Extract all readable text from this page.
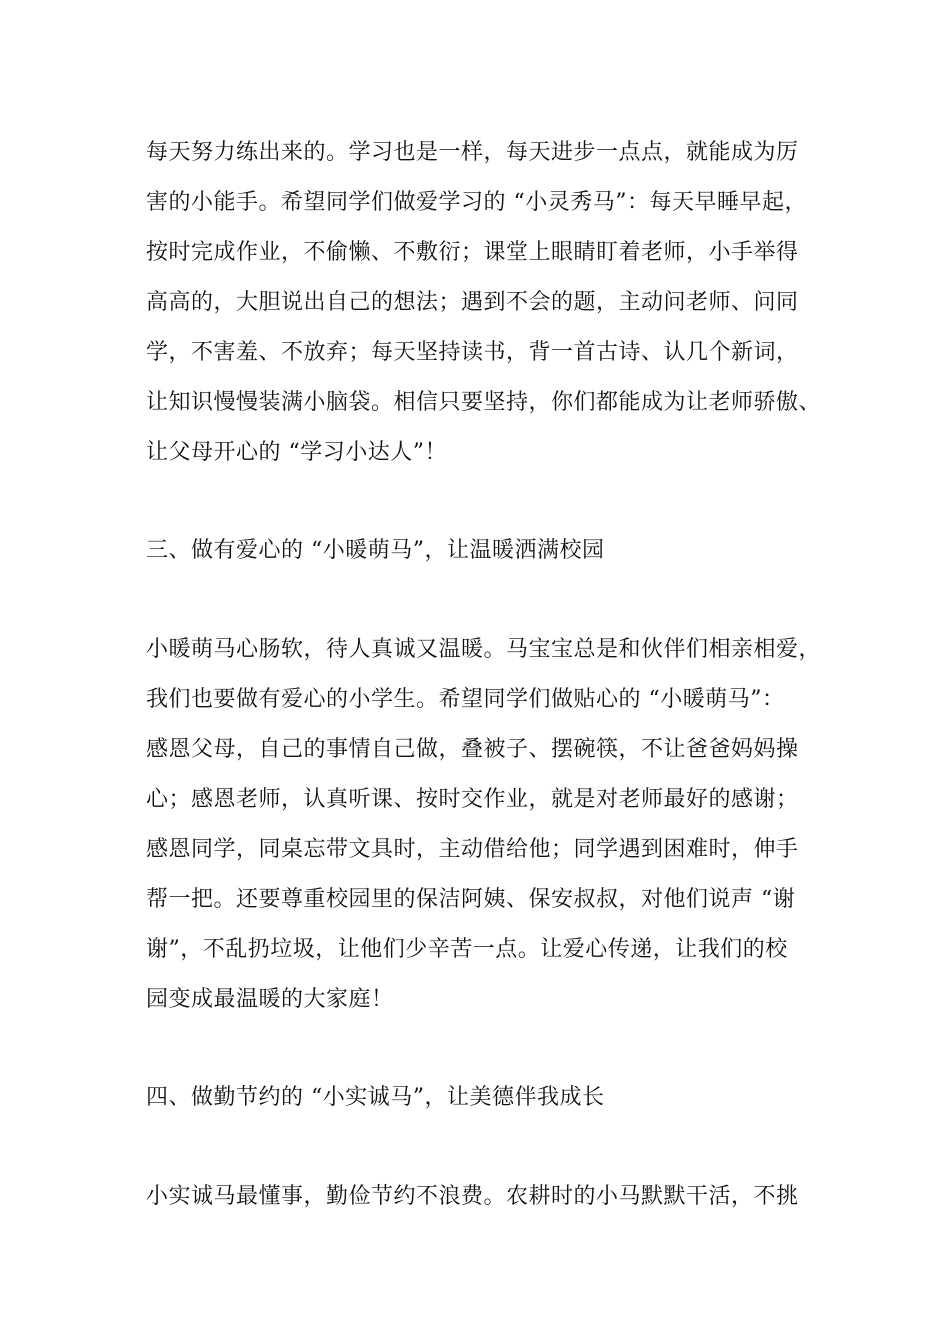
每天努力练出来的。学习也是一样，每天进步一点点，就能成为厉
害的小能手。希望同学们做爱学习的 “小灵秀马”：每天早睡早起，
按时完成作业，不偷懒、不敷衍；课堂上眼睛盯着老师，小手举得
高高的，大胆说出自己的想法；遇到不会的题，主动问老师、问同
学，不害羞、不放弃；每天坚持读书，背一首古诗、认几个新词，
让知识慢慢装满小脑袋。相信只要坚持，你们都能成为让老师骄傲、
让父母开心的 “学习小达人”！
三、做有爱心的 “小暖萌马”，让温暖洒满校园
小暖萌马心肠软，待人真诚又温暖。马宝宝总是和伙伴们相亲相爱，
我们也要做有爱心的小学生。希望同学们做贴心的 “小暖萌马”：
感恩父母，自己的事情自己做，叠被子、摆碗筷，不让爸爸妈妈操
心；感恩老师，认真听课、按时交作业，就是对老师最好的感谢；
感恩同学，同桌忘带文具时，主动借给他；同学遇到困难时，伸手
帮一把。还要尊重校园里的保洁阿姨、保安叔叔，对他们说声 “谢
谢”，不乱扔垃圾，让他们少辛苦一点。让爱心传递，让我们的校
园变成最温暖的大家庭！
四、做勤节约的 “小实诚马”，让美德伴我成长
小实诚马最懂事，勤俭节约不浪费。农耕时的小马默默干活，不挑
